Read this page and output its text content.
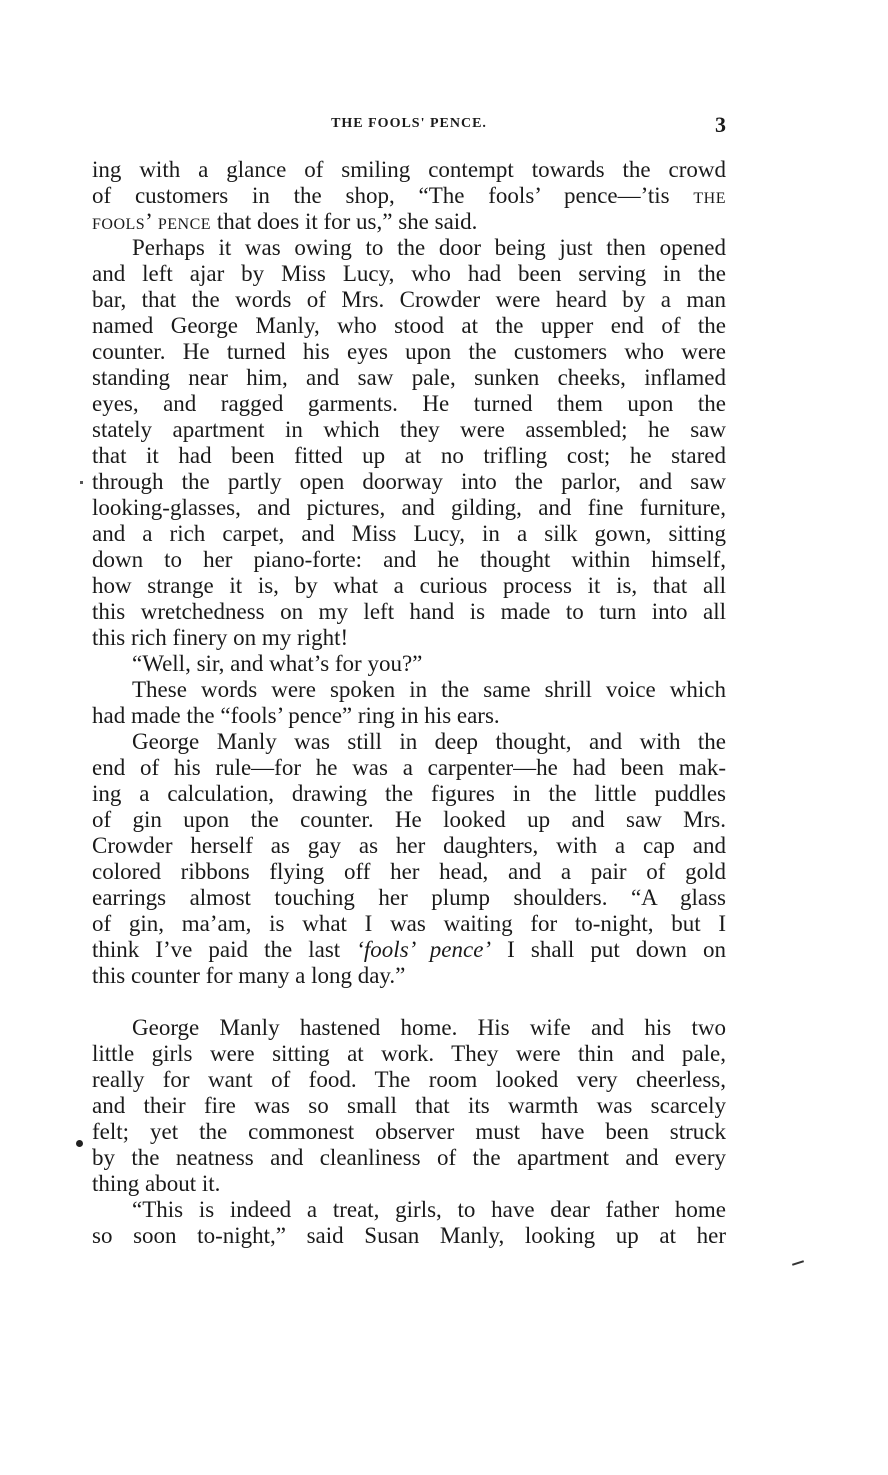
THE FOOLS' PENCE.	3
ing with a glance of smiling contempt towards the crowd
of customers in the shop, “The fools’ pence—’tis the
fools’ pence that does it for us,” she said.
Perhaps it was owing to the door being just then opened
and left ajar by Miss Lucy, who had been serving in the
bar, that the words of Mrs. Crowder were heard by a man
named George Manly, who stood at the upper end of the
counter. He turned his eyes upon the customers who were
standing near him, and saw pale, sunken cheeks, inflamed
eyes, and ragged garments. He turned them upon the
stately apartment in which they were assembled; he saw
that it had been fitted up at no trifling cost; he stared
through the partly open doorway into the parlor, and saw
looking-glasses, and pictures, and gilding, and fine furniture,
and a rich carpet, and Miss Lucy, in a silk gown, sitting
down to her piano-forte: and he thought within himself,
how strange it is, by what a curious process it is, that all
this wretchedness on my left hand is made to turn into all
this rich finery on my right!
“Well, sir, and what’s for you?”
These words were spoken in the same shrill voice which
had made the “fools’ pence” ring in his ears.
George Manly was still in deep thought, and with the
end of his rule—for he was a carpenter—he had been mak-
ing a calculation, drawing the figures in the little puddles
of gin upon the counter. He looked up and saw Mrs.
Crowder herself as gay as her daughters, with a cap and
colored ribbons flying off her head, and a pair of gold
earrings almost touching her plump shoulders. “A glass
of gin, ma’am, is what I was waiting for to-night, but I
think I’ve paid the last ‘fools’ pence’ I shall put down on
this counter for many a long day.”
George Manly hastened home. His wife and his two
little girls were sitting at work. They were thin and pale,
really for want of food. The room looked very cheerless,
and their fire was so small that its warmth was scarcely
felt; yet the commonest observer must have been struck
by the neatness and cleanliness of the apartment and every
thing about it.
“This is indeed a treat, girls, to have dear father home
so soon to-night,” said Susan Manly, looking up at her
